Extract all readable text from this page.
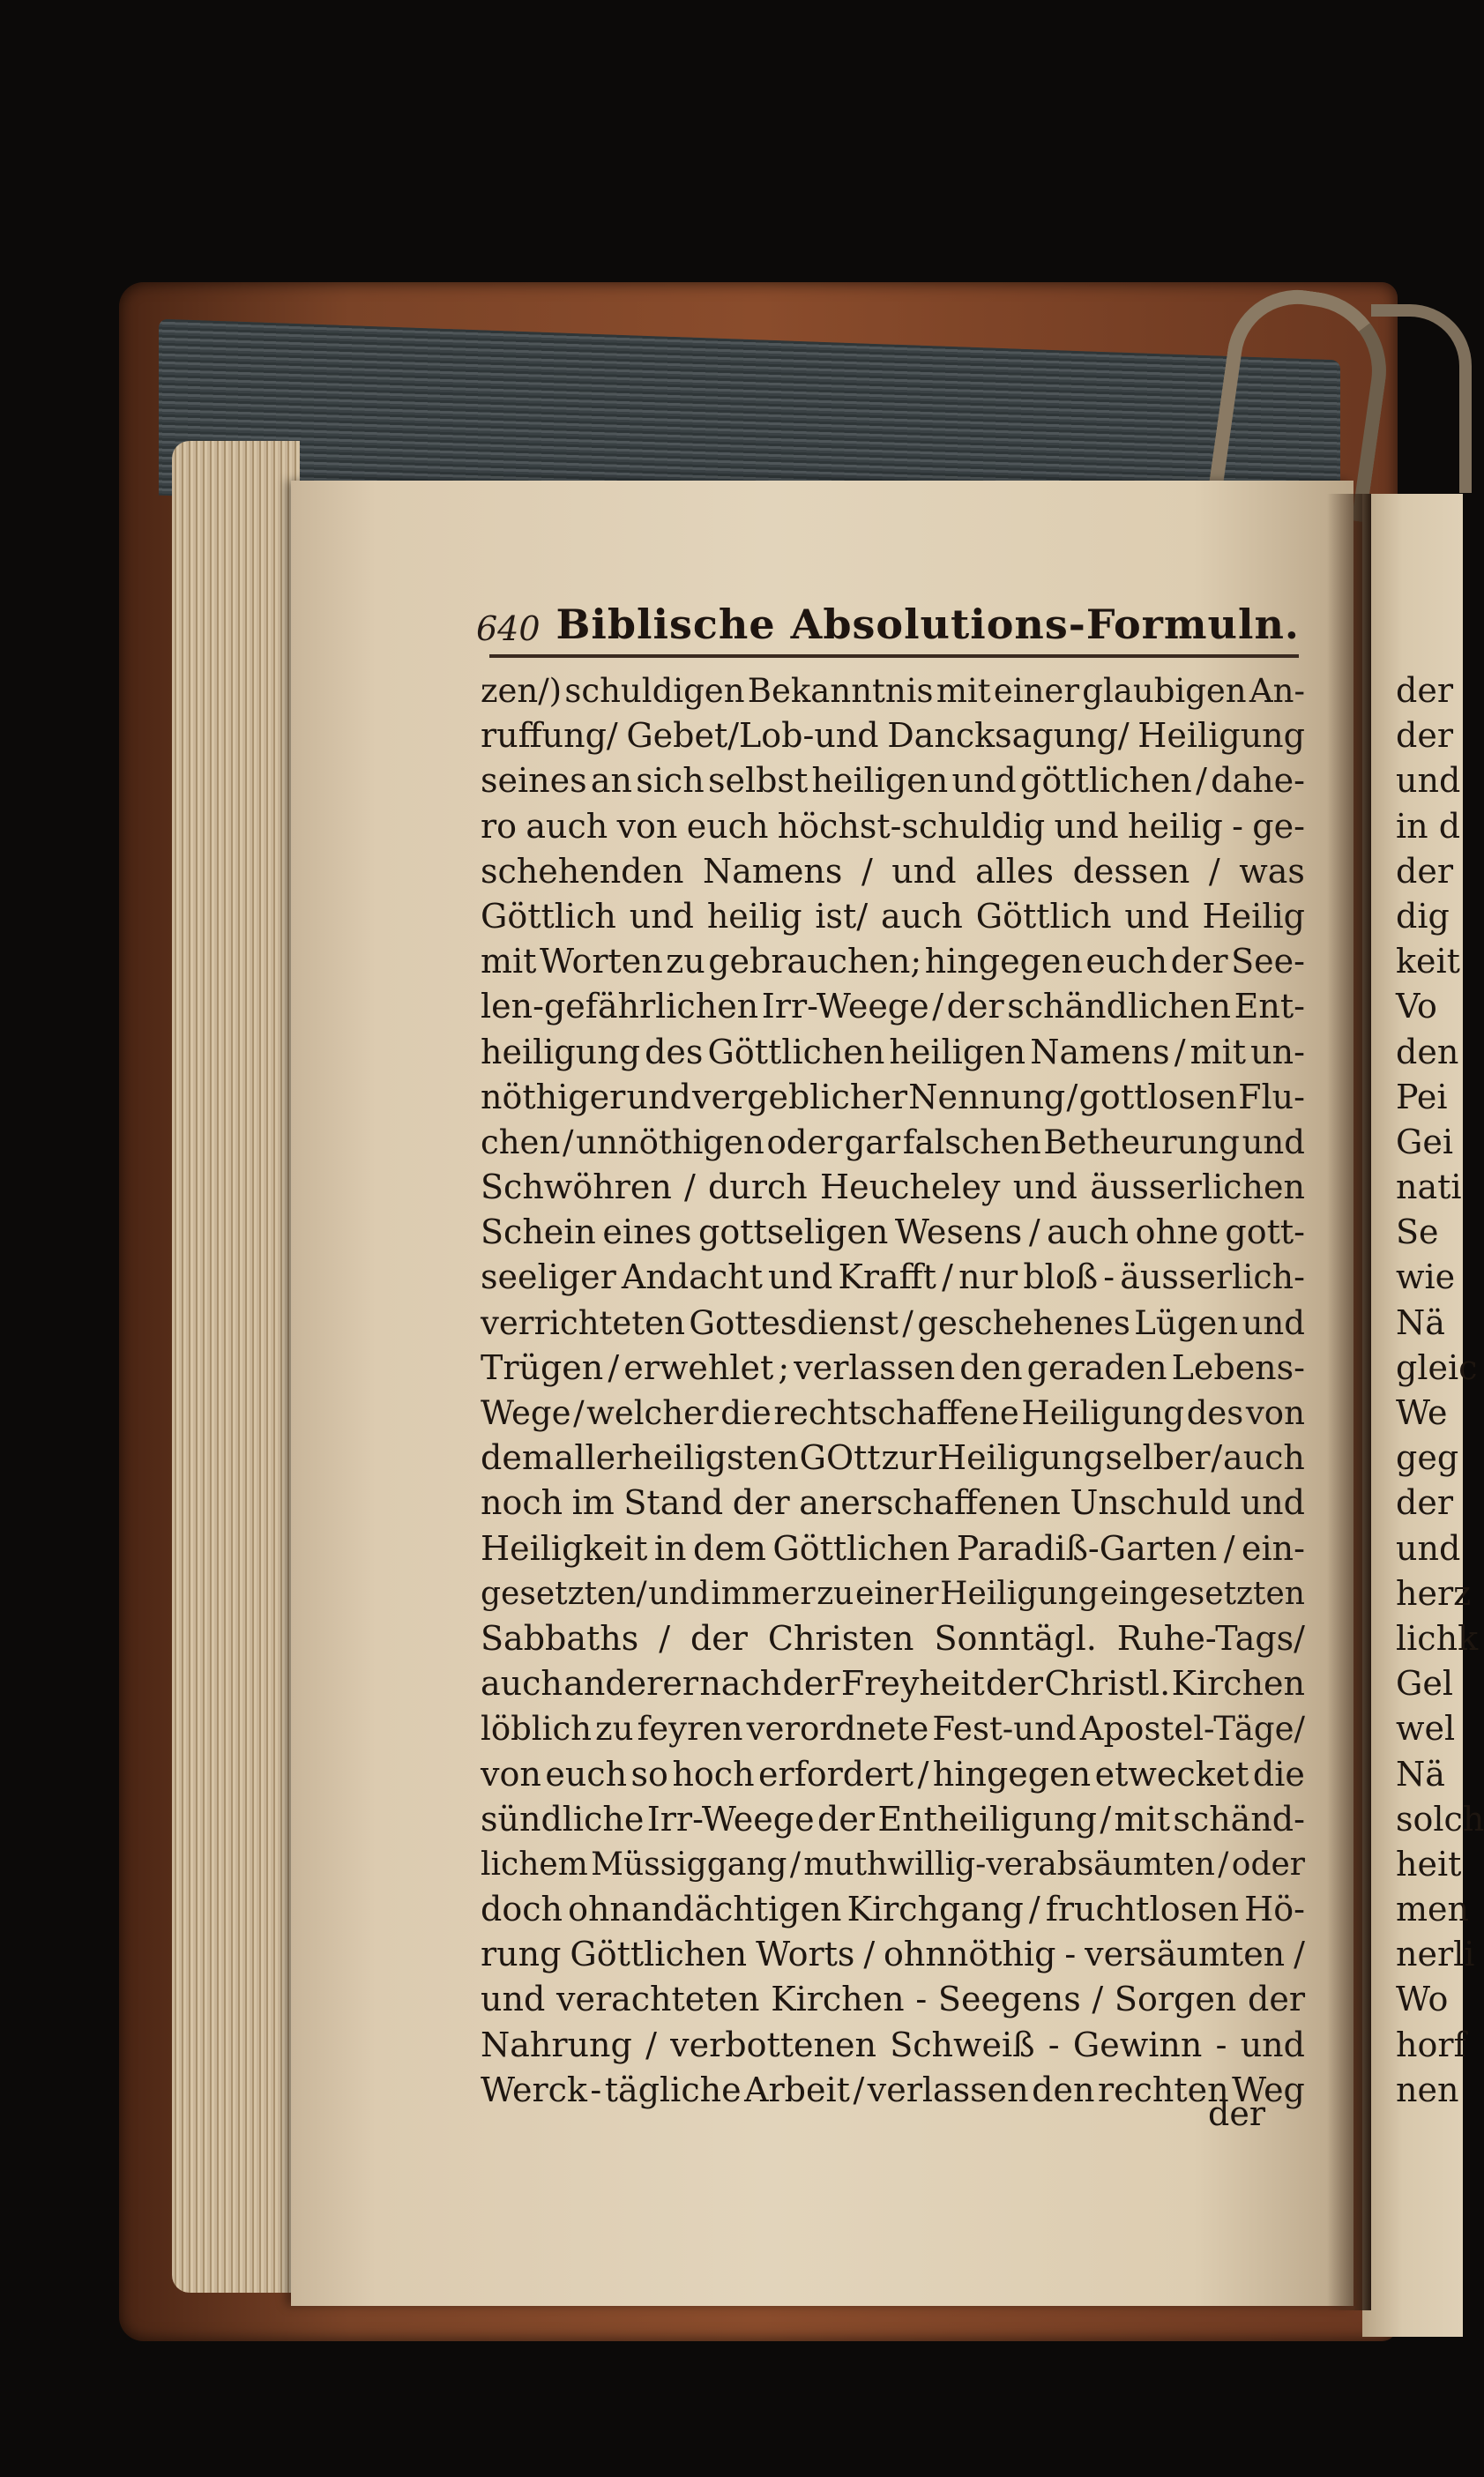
640 Biblische Absolutions-Formuln.
zen/) schuldigen Bekanntnis mit einer glaubigen An-
ruffung/ Gebet/Lob-und Dancksagung/ Heiligung
seines an sich selbst heiligen und göttlichen / dahe-
ro auch von euch höchst-schuldig und heilig - ge-
schehenden Namens / und alles dessen / was
Göttlich und heilig ist/ auch Göttlich und Heilig
mit Worten zu gebrauchen; hingegen euch der See-
len-gefährlichen Irr-Weege / der schändlichen Ent-
heiligung des Göttlichen heiligen Namens / mit un-
nöthiger und vergeblicher Nennung / gottlosen Flu-
chen / unnöthigen oder gar falschen Betheurung und
Schwöhren / durch Heucheley und äusserlichen
Schein eines gottseligen Wesens / auch ohne gott-
seeliger Andacht und Krafft / nur bloß - äusserlich-
verrichteten Gottesdienst / geschehenes Lügen und
Trügen / erwehlet ; verlassen den geraden Lebens-
Wege / welcher die rechtschaffene Heiligung des von
dem allerheiligsten GOtt zur Heiligung selber / auch
noch im Stand der anerschaffenen Unschuld und
Heiligkeit in dem Göttlichen Paradiß-Garten / ein-
gesetzten/ und immer zu einer Heiligung eingesetzten
Sabbaths / der Christen Sonntägl. Ruhe-Tags/
auch anderer nach der Freyheit der Christl. Kirchen
löblich zu feyren verordnete Fest-und Apostel-Täge/
von euch so hoch erfordert / hingegen etwecket die
sündliche Irr-Weege der Entheiligung / mit schänd-
lichem Müssiggang / muthwillig-verabsäumten / oder
doch ohnandächtigen Kirchgang / fruchtlosen Hö-
rung Göttlichen Worts / ohnnöthig - versäumten /
und verachteten Kirchen - Seegens / Sorgen der
Nahrung / verbottenen Schweiß - Gewinn - und
Werck - tägliche Arbeit / verlassen den rechten Weg
der
der
der
und
in d
der
dig
keit
Vo
den
Pei
Gei
nati
Se
wie
Nä
gleic
We
geg
der
und
herz
lichk
Gel
wel
Nä
solch
heit
men
nerli
Wo
horf
nen
